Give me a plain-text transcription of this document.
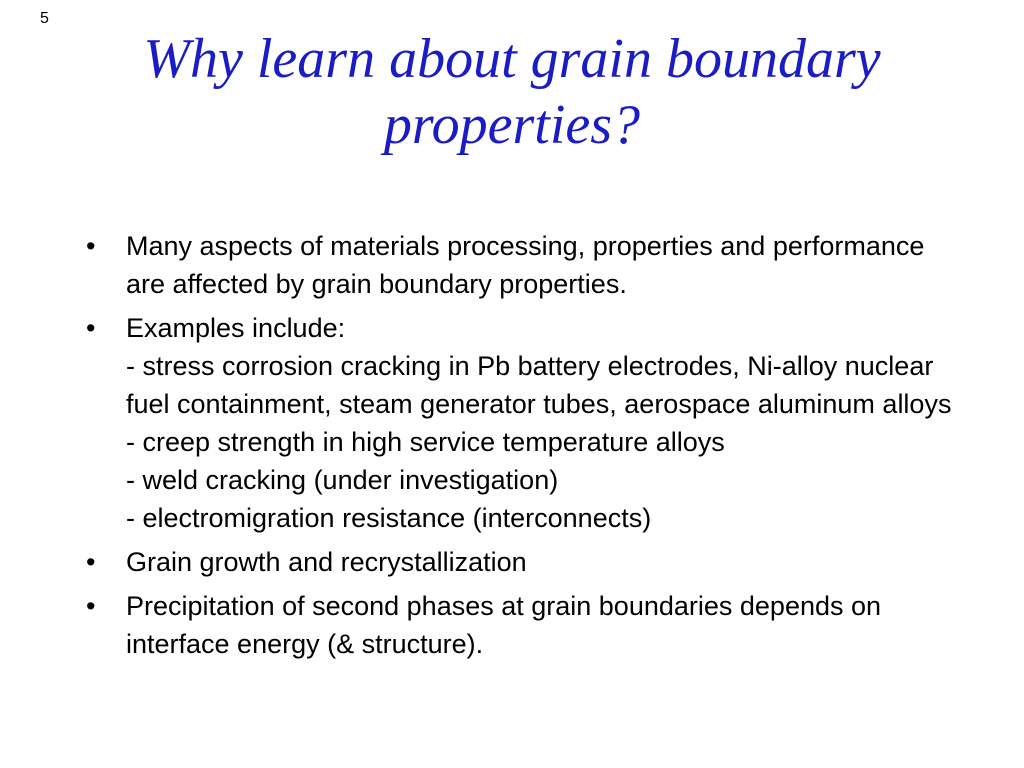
5
Why learn about grain boundary properties?
•	Many aspects of materials processing, properties and performance are affected by grain boundary properties.
•	Examples include:
- stress corrosion cracking in Pb battery electrodes, Ni-alloy nuclear fuel containment, steam generator tubes, aerospace aluminum alloys
- creep strength in high service temperature alloys
- weld cracking (under investigation)
- electromigration resistance (interconnects)
•	Grain growth and recrystallization
•	Precipitation of second phases at grain boundaries depends on interface energy (& structure).
